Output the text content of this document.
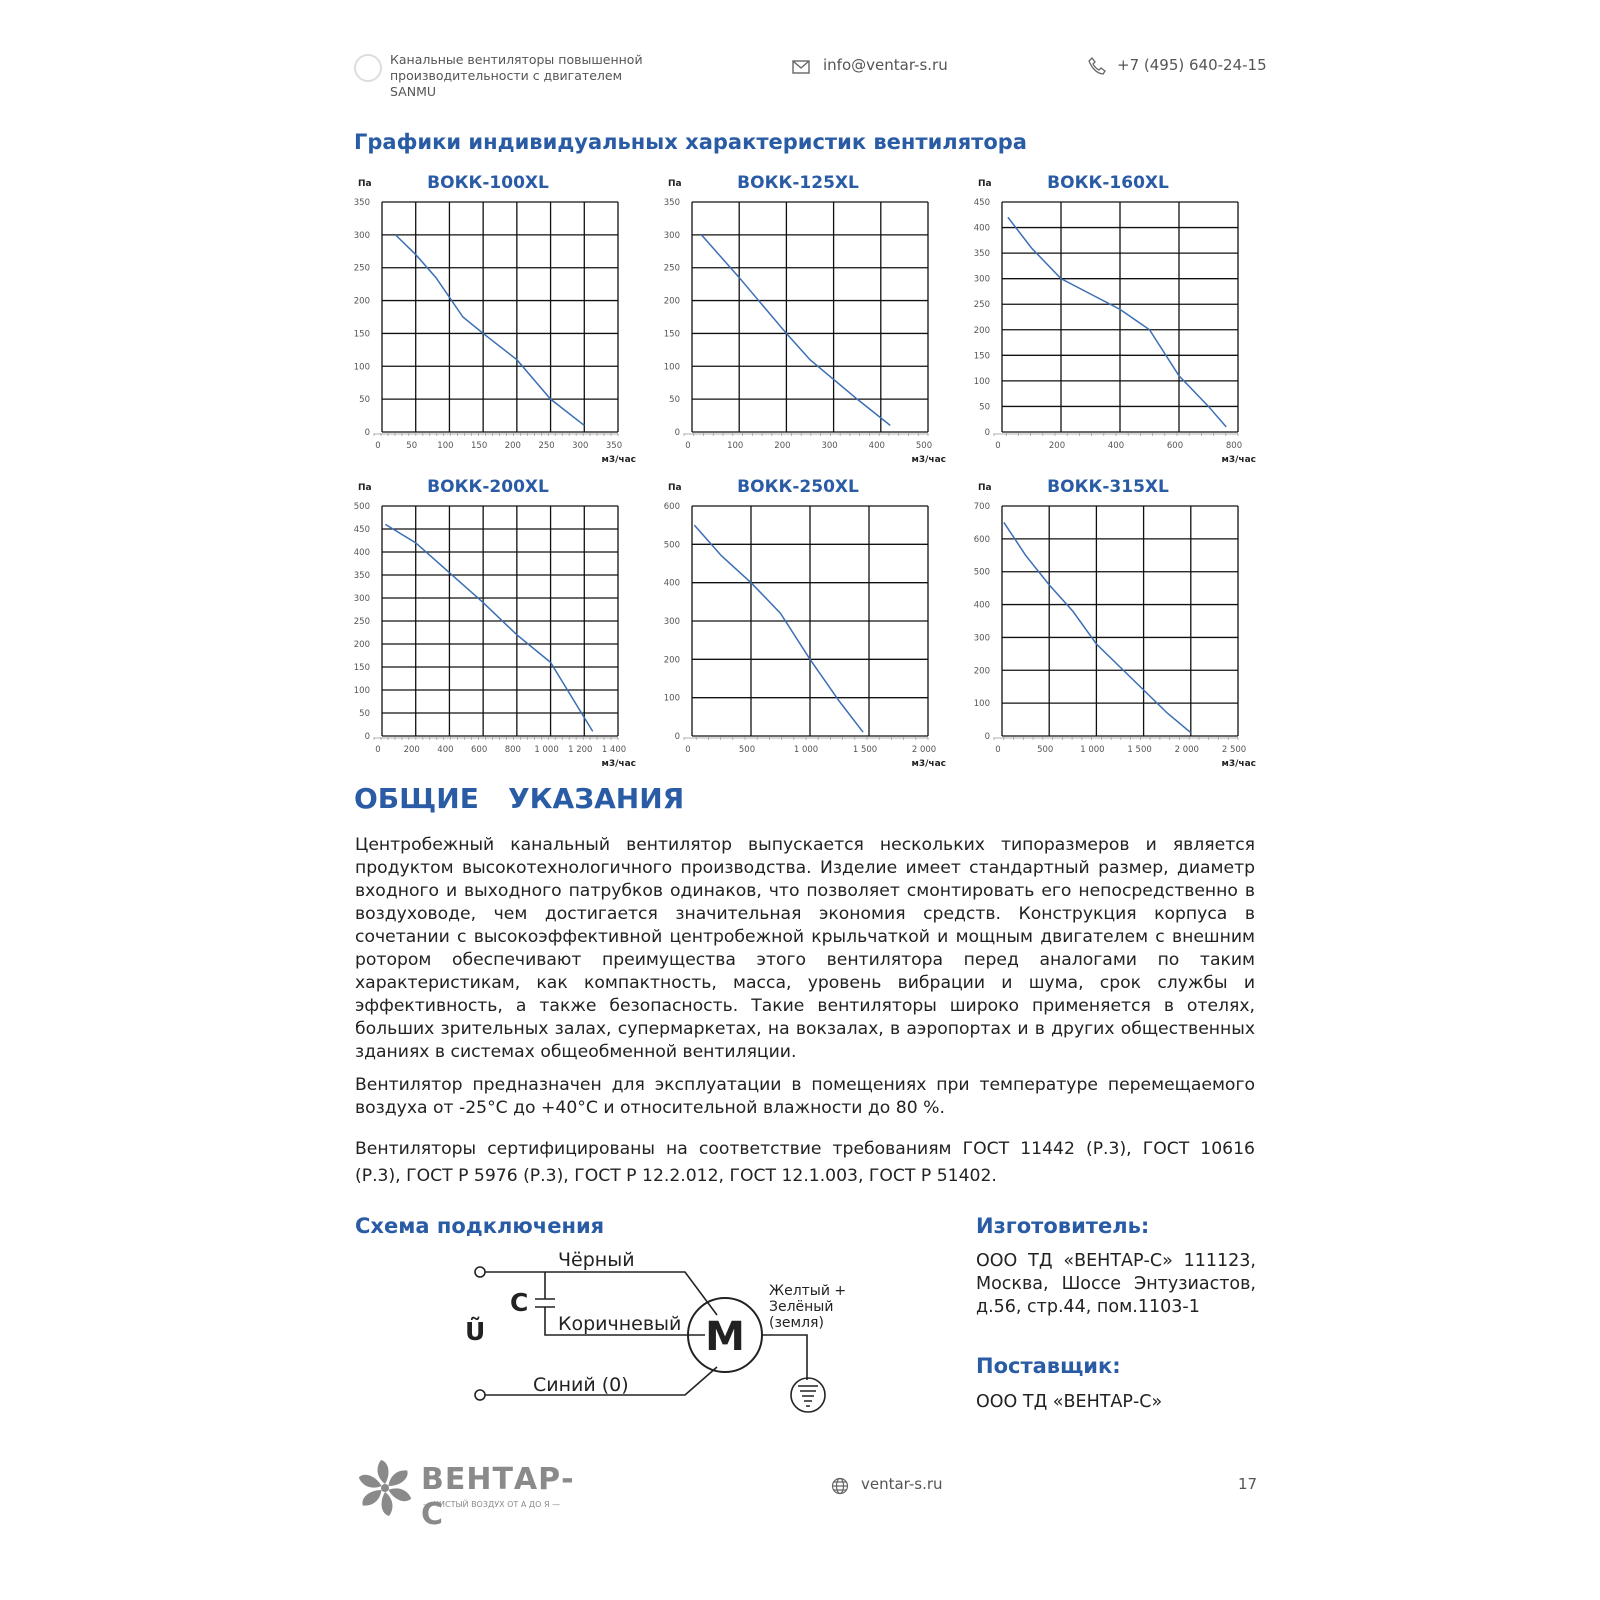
Канальные вентиляторы повышенной производительности с двигателем SANMU
info@ventar-s.ru	+7 (495) 640-24-15
Графики индивидуальных характеристик вентилятора
ВОКК-100XL
Па
м3/час
0
50
100
150
200
250
300
350
0	50 100 150 200 250 300 350
ВОКК-125XL
Па
м3/час
0
50
100
150
200
250
300
350
0	100	200	300	400	500
ВОКК-160XL
Па
м3/час
0
50
100
150
200
250
300
350
400
450
0	200	400	600	800
ВОКК-200XL
Па
м3/час
0
50
100
150
200
250
300
350
400
450
500
0	200 400 600 800 1 000 1 200 1 400
ВОКК-250XL
Па
м3/час
0
100
200
300
400
500
600
0	500	1 000	1 500	2 000
ВОКК-315XL
Па
м3/час
0
100
200
300
400
500
600
700
0	500	1 000	1 500	2 000	2 500
ОБЩИЕ   УКАЗАНИЯ
Центробежный канальный вентилятор выпускается нескольких типоразмеров и является продуктом высокотехнологичного производства. Изделие имеет стандартный размер, диаметр входного и выходного патрубков одинаков, что позволяет смонтировать его непосредственно в воздуховоде, чем достигается значительная экономия средств. Конструкция корпуса в сочетании с высокоэффективной центробежной крыльчаткой и мощным двигателем с внешним ротором обеспечивают преимущества этого вентилятора перед аналогами по таким характеристикам, как компактность, масса, уровень вибрации и шума, срок службы и эффективность, а также безопасность. Такие вентиляторы широко применяется в отелях, больших зрительных залах, супермаркетах, на вокзалах, в аэропортах и в других общественных зданиях в системах общеобменной вентиляции.
Вентилятор предназначен для эксплуатации в помещениях при температуре перемещаемого воздуха от -25°C до +40°C и относительной влажности до 80 %.
Вентиляторы сертифицированы на соответствие требованиям ГОСТ 11442 (Р.3), ГОСТ 10616 (Р.3), ГОСТ Р 5976 (Р.3), ГОСТ Р 12.2.012, ГОСТ 12.1.003, ГОСТ Р 51402.
Схема подключения
Чёрный
Коричневый
Синий (0)
C
Ũ	M
Желтый +
Зелёный
(земля)
Изготовитель:
ООО ТД «ВЕНТАР-С» 111123,
Москва, Шоссе Энтузиастов,
д.56, стр.44, пом.1103-1
Поставщик:
ООО ТД «ВЕНТАР-С»
ВЕНТАР-С
— ЧИСТЫЙ ВОЗДУХ ОТ А ДО Я —
ventar-s.ru	17
